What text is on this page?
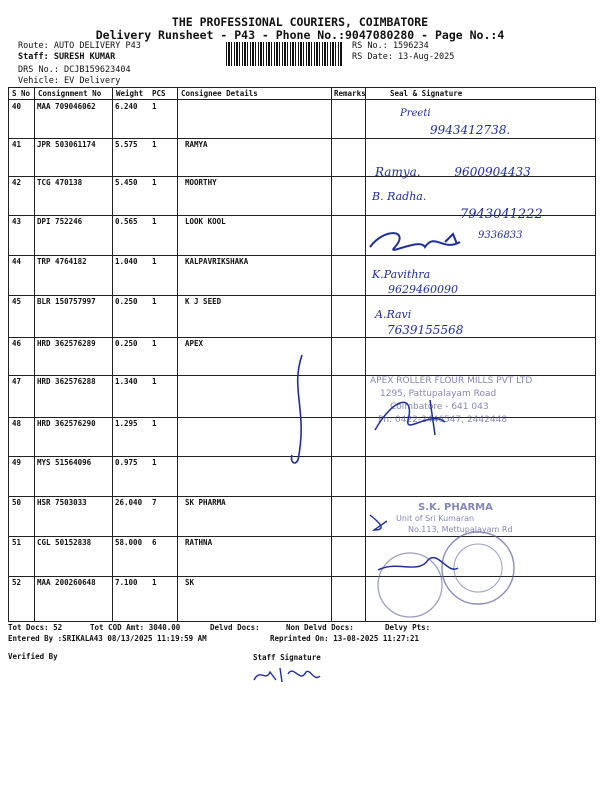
THE PROFESSIONAL COURIERS, COIMBATORE
Delivery Runsheet - P43 - Phone No.:9047080280 - Page No.:4
Route: AUTO DELIVERY P43
Staff: SURESH KUMAR
DRS No.: DCJB159623404
Vehicle: EV Delivery
RS No.: 1596234
RS Date: 13-Aug-2025
S No Consignment No Weight PCS Consignee Details	Remarks	Seal & Signature
40 MAA 709046062	6.240 1
41 JPR 503061174	5.575 1	RAMYA
42 TCG 470138	5.450 1	MOORTHY
43 DPI 752246	0.565 1	LOOK KOOL
44 TRP 4764182	1.040 1	KALPAVRIKSHAKA
45 BLR 150757997	0.250 1	K J SEED
46 HRD 362576289	0.250 1	APEX
47 HRD 362576288	1.340 1
48 HRD 362576290	1.295 1
49 MYS 51564096	0.975 1
50 HSR 7503033	26.040 7	SK PHARMA
51 CGL 50152838	58.000 6	RATHNA
52 MAA 200260648	7.100 1	SK
Preeti
9943412738.
Ramya.	9600904433
B. Radha.
7943041222
9336833
K.Pavithra
9629460090
A.Ravi
7639155568
APEX ROLLER FLOUR MILLS PVT LTD
1295, Pattupalayam Road
Coimbatore - 641 043
Ph: 0422-2446547, 2442448
S.K. PHARMA
Unit of Sri Kumaran
No.113, Mettupalayam Rd
Tot Docs: 52	Tot COD Amt: 3040.00	Delvd Docs:	Non Delvd Docs:	Delvy Pts:
Entered By :SRIKALA43 08/13/2025 11:19:59 AM	Reprinted On: 13-08-2025 11:27:21
Verified By	Staff Signature
